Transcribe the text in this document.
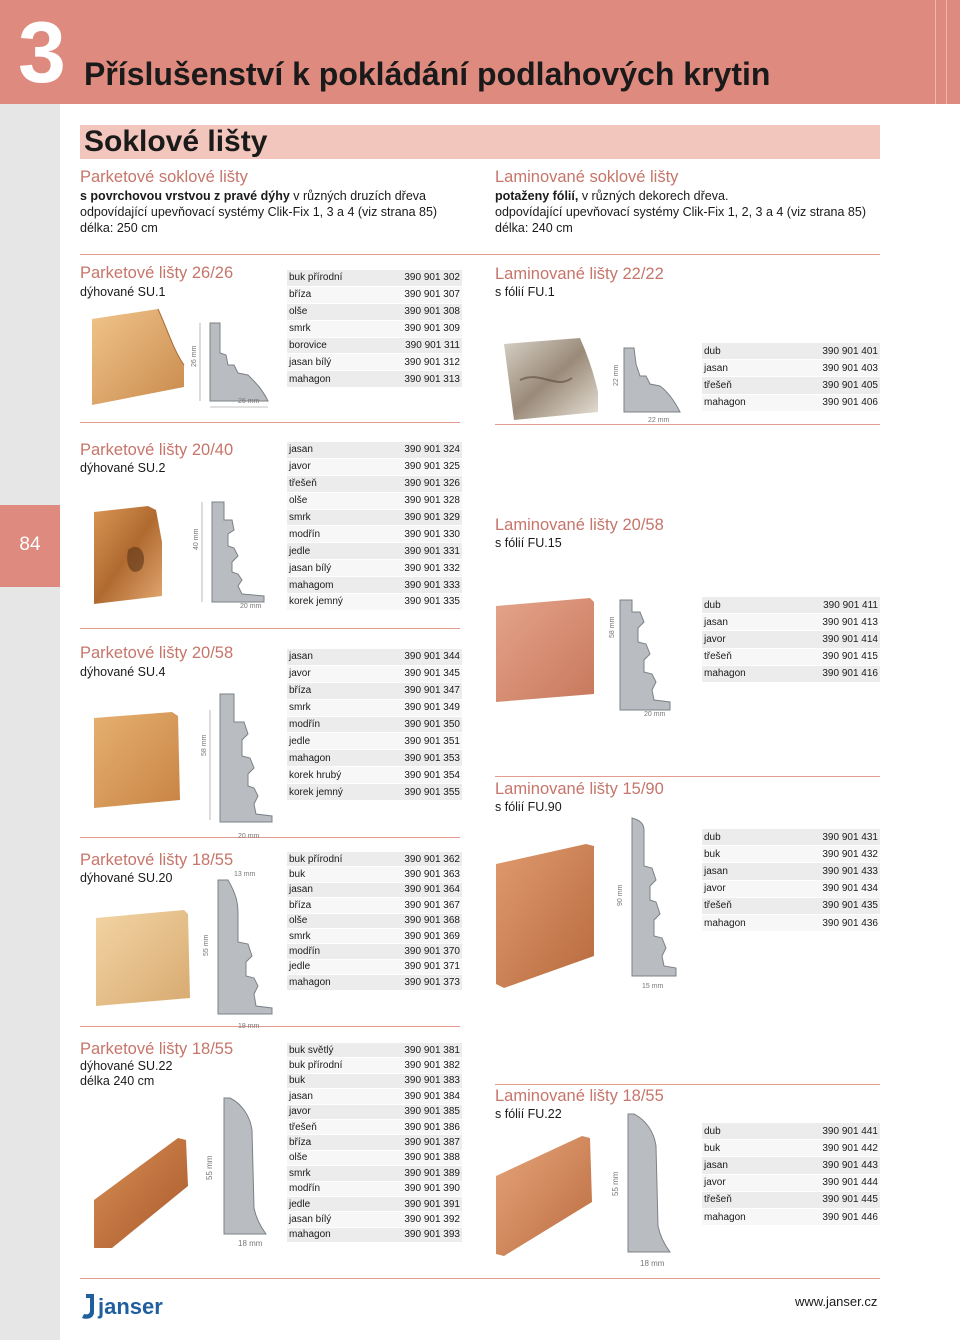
3 Příslušenství k pokládání podlahových krytin
84
Soklové lišty
Parketové soklové lišty
s povrchovou vrstvou z pravé dýhy v různých druzích dřeva
odpovídající upevňovací systémy Clik-Fix 1, 3 a 4 (viz strana 85)
délka: 250 cm
Laminované soklové lišty
potaženy fólií, v různých dekorech dřeva.
odpovídající upevňovací systémy Clik-Fix 1, 2, 3 a 4 (viz strana 85)
délka: 240 cm
Parketové lišty 26/26
dýhované SU.1
26 mm
26 mm
buk přírodní	390 901 302
bříza	390 901 307
olše	390 901 308
smrk	390 901 309
borovice	390 901 311
jasan bílý	390 901 312
mahagon	390 901 313
Parketové lišty 20/40
dýhované SU.2
40 mm
20 mm
jasan	390 901 324
javor	390 901 325
třešeň	390 901 326
olše	390 901 328
smrk	390 901 329
modřín	390 901 330
jedle	390 901 331
jasan bílý	390 901 332
mahagom	390 901 333
korek jemný	390 901 335
Parketové lišty 20/58
dýhované SU.4
58 mm
20 mm
jasan	390 901 344
javor	390 901 345
bříza	390 901 347
smrk	390 901 349
modřín	390 901 350
jedle	390 901 351
mahagon	390 901 353
korek hrubý	390 901 354
korek jemný	390 901 355
Parketové lišty 18/55
dýhované SU.20	13 mm
55 mm
18 mm
buk přírodní	390 901 362
buk	390 901 363
jasan	390 901 364
bříza	390 901 367
olše	390 901 368
smrk	390 901 369
modřín	390 901 370
jedle	390 901 371
mahagon	390 901 373
Parketové lišty 18/55
dýhované SU.22
délka 240 cm
55 mm
18 mm
buk světlý	390 901 381
buk přírodní	390 901 382
buk	390 901 383
jasan	390 901 384
javor	390 901 385
třešeň	390 901 386
bříza	390 901 387
olše	390 901 388
smrk	390 901 389
modřín	390 901 390
jedle	390 901 391
jasan bílý	390 901 392
mahagon	390 901 393
Laminované lišty 22/22
s fólií FU.1
22 mm
22 mm
dub	390 901 401
jasan	390 901 403
třešeň	390 901 405
mahagon	390 901 406
Laminované lišty 20/58
s fólií FU.15
58 mm
20 mm
dub	390 901 411
jasan	390 901 413
javor	390 901 414
třešeň	390 901 415
mahagon	390 901 416
Laminované lišty 15/90
s fólií FU.90
90 mm
15 mm
dub	390 901 431
buk	390 901 432
jasan	390 901 433
javor	390 901 434
třešeň	390 901 435
mahagon	390 901 436
Laminované lišty 18/55
s fólií FU.22
55 mm
18 mm
dub	390 901 441
buk	390 901 442
jasan	390 901 443
javor	390 901 444
třešeň	390 901 445
mahagon	390 901 446
janser	www.janser.cz
